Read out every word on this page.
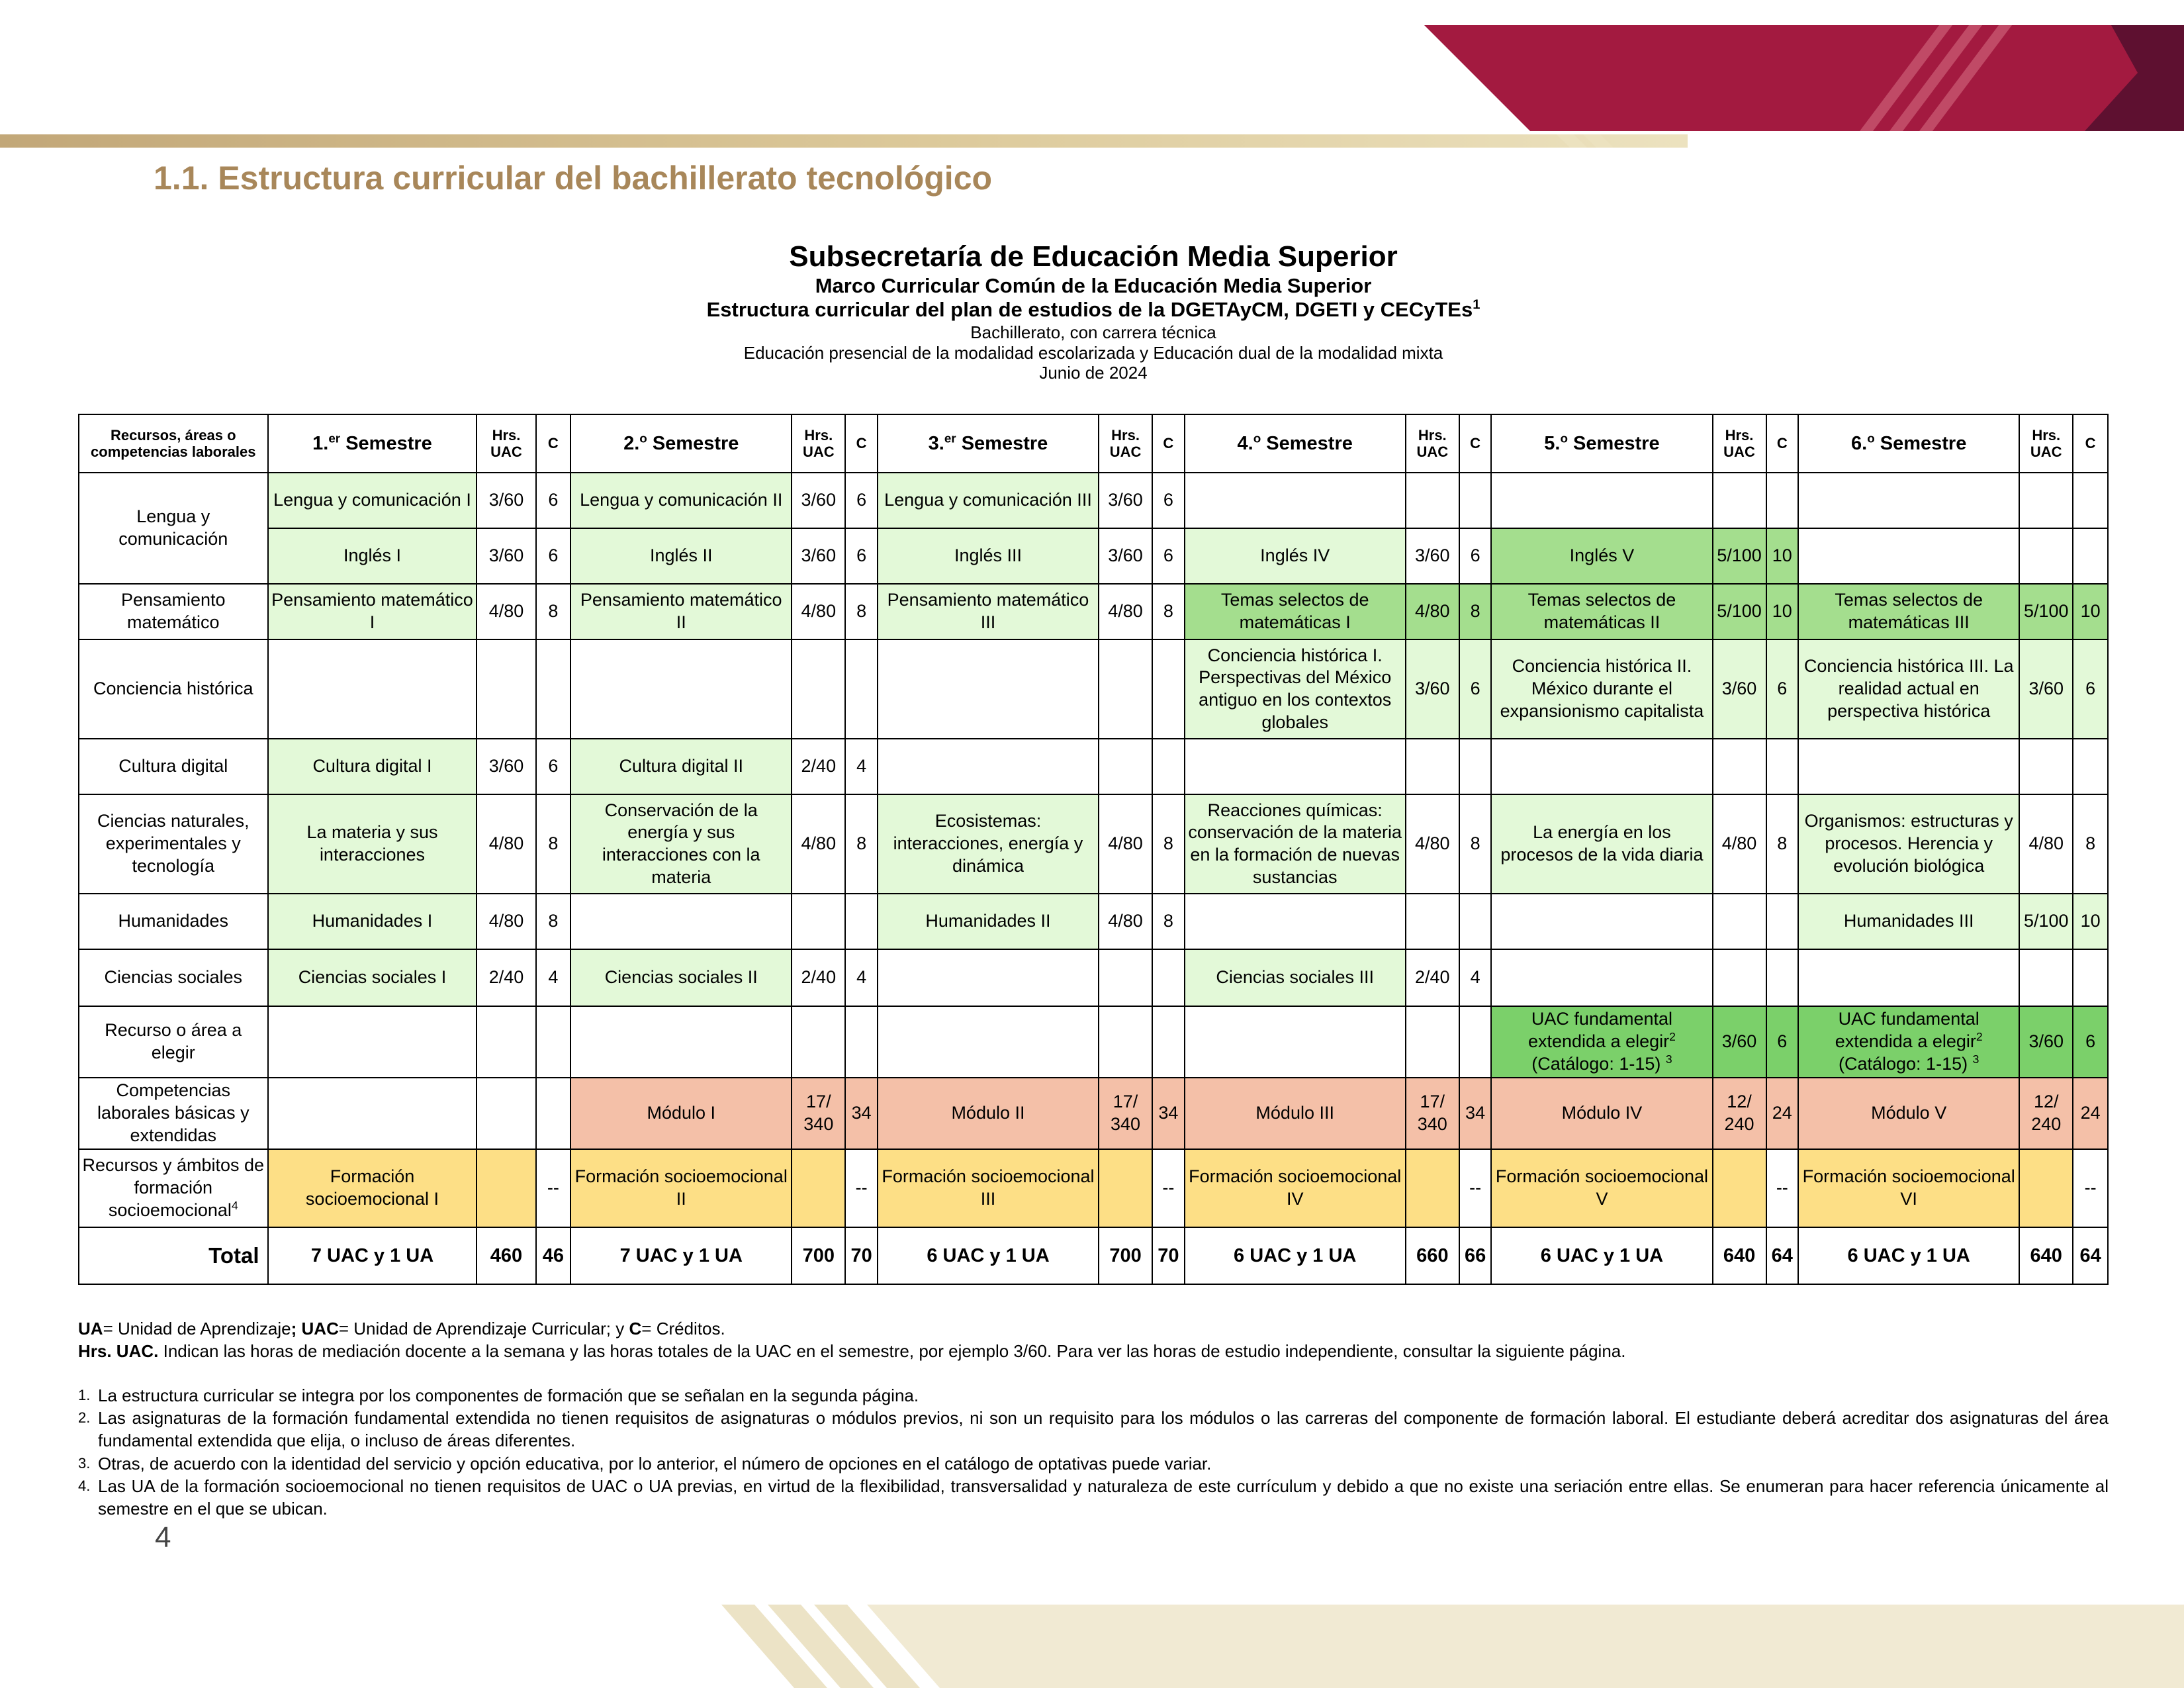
1.1. Estructura curricular del bachillerato tecnológico
Subsecretaría de Educación Media Superior
Marco Curricular Común de la Educación Media Superior
Estructura curricular del plan de estudios de la DGETAyCM, DGETI y CECyTEs$^1$
Bachillerato, con carrera técnica
Educación presencial de la modalidad escolarizada y Educación dual de la modalidad mixta
Junio de 2024
Recursos, áreas o competencias laborales	1.$^{er}$ Semestre	Hrs. UAC	C	2.$^o$ Semestre	Hrs. UAC	C	3.$^{er}$ Semestre	Hrs. UAC	C	4.$^o$ Semestre	Hrs. UAC	C	5.$^o$ Semestre	Hrs. UAC	C	6.$^o$ Semestre	Hrs. UAC	C
Lengua y comunicación	Lengua y comunicación I	3/60	6	Lengua y comunicación II	3/60	6	Lengua y comunicación III	3/60	6									
	Inglés I	3/60	6	Inglés II	3/60	6	Inglés III	3/60	6	Inglés IV	3/60	6	Inglés V	5/100	10			
Pensamiento matemático	Pensamiento matemático I	4/80	8	Pensamiento matemático II	4/80	8	Pensamiento matemático III	4/80	8	Temas selectos de matemáticas I	4/80	8	Temas selectos de matemáticas II	5/100	10	Temas selectos de matemáticas III	5/100	10
Conciencia histórica										Conciencia histórica I. Perspectivas del México antiguo en los contextos globales	3/60	6	Conciencia histórica II. México durante el expansionismo capitalista	3/60	6	Conciencia histórica III. La realidad actual en perspectiva histórica	3/60	6
Cultura digital	Cultura digital I	3/60	6	Cultura digital II	2/40	4												
Ciencias naturales, experimentales y tecnología	La materia y sus interacciones	4/80	8	Conservación de la energía y sus interacciones con la materia	4/80	8	Ecosistemas: interacciones, energía y dinámica	4/80	8	Reacciones químicas: conservación de la materia en la formación de nuevas sustancias	4/80	8	La energía en los procesos de la vida diaria	4/80	8	Organismos: estructuras y procesos. Herencia y evolución biológica	4/80	8
Humanidades	Humanidades I	4/80	8				Humanidades II	4/80	8							Humanidades III	5/100	10
Ciencias sociales	Ciencias sociales I	2/40	4	Ciencias sociales II	2/40	4				Ciencias sociales III	2/40	4						
Recurso o área a elegir													UAC fundamental extendida a elegir$^2$ (Catálogo: 1-15) $^3$	3/60	6	UAC fundamental extendida a elegir$^2$ (Catálogo: 1-15) $^3$	3/60	6
Competencias laborales básicas y extendidas				Módulo I	17/ 340	34	Módulo II	17/ 340	34	Módulo III	17/ 340	34	Módulo IV	12/ 240	24	Módulo V	12/ 240	24
Recursos y ámbitos de formación socioemocional$^4$	Formación socioemocional I		--	Formación socioemocional II		--	Formación socioemocional III		--	Formación socioemocional IV		--	Formación socioemocional V		--	Formación socioemocional VI		--
Total	7 UAC y 1 UA	460	46	7 UAC y 1 UA	700	70	6 UAC y 1 UA	700	70	6 UAC y 1 UA	660	66	6 UAC y 1 UA	640	64	6 UAC y 1 UA	640	64

UA= Unidad de Aprendizaje; UAC= Unidad de Aprendizaje Curricular; y C= Créditos.

Hrs. UAC. Indican las horas de mediación docente a la semana y las horas totales de la UAC en el semestre, por ejemplo 3/60. Para ver las horas de estudio independiente, consultar la siguiente página.

1. La estructura curricular se integra por los componentes de formación que se señalan en la segunda página.
2. Las asignaturas de la formación fundamental extendida no tienen requisitos de asignaturas o módulos previos, ni son un requisito para los módulos o las carreras del componente de formación laboral. El estudiante deberá acreditar dos asignaturas del área fundamental extendida que elija, o incluso de áreas diferentes.
3. Otras, de acuerdo con la identidad del servicio y opción educativa, por lo anterior, el número de opciones en el catálogo de optativas puede variar.
4. Las UA de la formación socioemocional no tienen requisitos de UAC o UA previas, en virtud de la flexibilidad, transversalidad y naturaleza de este currículum y debido a que no existe una seriación entre ellas. Se enumeran para hacer referencia únicamente al semestre en el que se ubican.
4
